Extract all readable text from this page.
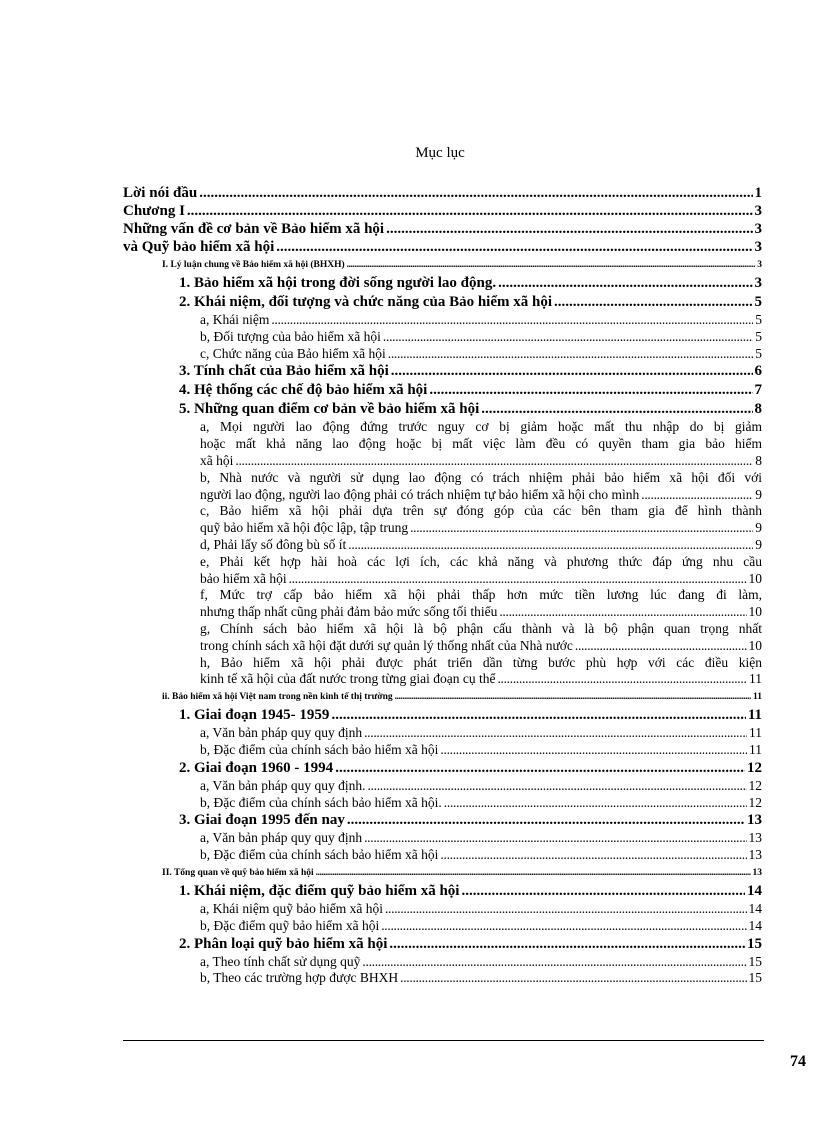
Mục lục
Lời nói đầu .....	1
Chương I .....	3
Những vấn đề cơ bản về Bảo hiểm xã hội .....	3
và Quỹ bảo hiểm xã hội .....	3
I. Lý luận chung về Bảo hiểm xã hội (BHXH) .....	3
1. Bảo hiểm xã hội trong đời sống người lao động. .....	3
2. Khái niệm, đối tượng và chức năng của Bảo hiểm xã hội .....	5
a, Khái niệm .....	5
b, Đối tượng của bảo hiểm xã hội .....	5
c, Chức năng của Bảo hiểm xã hội .....	5
3. Tính chất của Bảo hiểm xã hội .....	6
4. Hệ thống các chế độ bảo hiểm xã hội .....	7
5. Những quan điểm cơ bản về bảo hiểm xã hội .....	8
a, Mọi người lao động đứng trước nguy cơ bị giảm hoặc mất thu nhập do bị giảm
hoặc mất khả năng lao động hoặc bị mất việc làm đều có quyền tham gia bảo hiểm
xã hội .....	8
b, Nhà nước và người sử dụng lao động có trách nhiệm phải bảo hiểm xã hội đối với
người lao động, người lao động phải có trách nhiệm tự bảo hiểm xã hội cho mình .....	9
c, Bảo hiểm xã hội phải dựa trên sự đóng góp của các bên tham gia để hình thành
quỹ bảo hiểm xã hội độc lập, tập trung .....	9
d, Phải lấy số đông bù số ít .....	9
e, Phải kết hợp hài hoà các lợi ích, các khả năng và phương thức đáp ứng nhu cầu
bảo hiểm xã hội .....	10
f, Mức trợ cấp bảo hiểm xã hội phải thấp hơn mức tiền lương lúc đang đi làm,
nhưng thấp nhất cũng phải đảm bảo mức sống tối thiểu .....	10
g, Chính sách bảo hiểm xã hội là bộ phận cấu thành và là bộ phận quan trọng nhất
trong chính sách xã hội đặt dưới sự quản lý thống nhất của Nhà nước .....	10
h, Bảo hiểm xã hội phải được phát triển dần từng bước phù hợp với các điều kiện
kinh tế xã hội của đất nước trong từng giai đoạn cụ thể .....	11
ii. Bảo hiểm xã hội Việt nam trong nền kinh tế thị trường .....	11
1. Giai đoạn 1945- 1959 .....	11
a, Văn bản pháp quy quy định .....	11
b, Đặc điểm của chính sách bảo hiểm xã hội .....	11
2. Giai đoạn 1960 - 1994 .....	12
a, Văn bản pháp quy quy định. .....	12
b, Đặc điểm của chính sách bảo hiểm xã hội. .....	12
3. Giai đoạn 1995 đến nay .....	13
a, Văn bản pháp quy quy định .....	13
b, Đặc điểm của chính sách bảo hiểm xã hội .....	13
II. Tổng quan về quỹ bảo hiểm xã hội .....	13
1. Khái niệm, đặc điểm quỹ bảo hiểm xã hội .....	14
a, Khái niệm quỹ bảo hiểm xã hội .....	14
b, Đặc điểm quỹ bảo hiểm xã hội .....	14
2. Phân loại quỹ bảo hiểm xã hội .....	15
a, Theo tính chất sử dụng quỹ .....	15
b, Theo các trường hợp được BHXH .....	15
74
